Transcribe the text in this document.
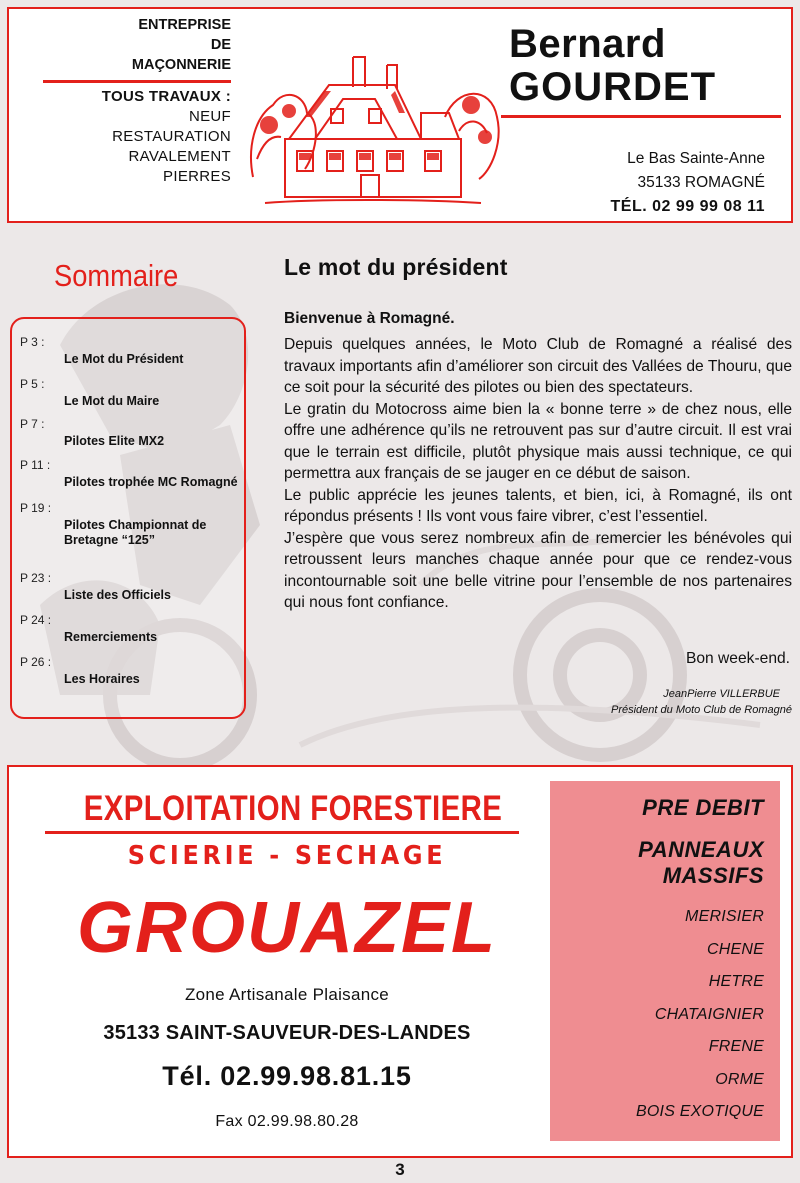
ENTREPRISE
DE
MAÇONNERIE
TOUS TRAVAUX :
NEUF
RESTAURATION
RAVALEMENT
PIERRES
Bernard
GOURDET
Le Bas Sainte-Anne
35133 ROMAGNÉ
TÉL. 02 99 99 08 11
Sommaire
P 3 :
Le Mot du Président
P 5 :
Le Mot du Maire
P 7 :
Pilotes Elite MX2
P 11 :
Pilotes trophée MC Romagné
P 19 :
Pilotes Championnat de Bretagne “125”
P 23 :
Liste des Officiels
P 24 :
Remerciements
P 26 :
Les Horaires
Le mot du président
Bienvenue à Romagné.

Depuis quelques années, le Moto Club de Romagné a réalisé des travaux importants afin d’améliorer son circuit des Vallées de Thouru, que ce soit pour la sécurité des pilotes ou bien des spectateurs.

Le gratin du Motocross aime bien la « bonne terre » de chez nous, elle offre une adhérence qu’ils ne retrouvent pas sur d’autre circuit. Il est vrai que le terrain est difficile, plutôt physique mais aussi technique, ce qui permettra aux français de se jauger en ce début de saison.

Le public apprécie les jeunes talents, et bien, ici, à Romagné, ils ont répondus présents ! Ils vont vous faire vibrer, c’est l’essentiel.

J’espère que vous serez nombreux afin de remercier les bénévoles qui retroussent leurs manches chaque année pour que ce rendez-vous incontournable soit une belle vitrine pour l’ensemble de nos partenaires qui nous font confiance.

Bon week-end.
JeanPierre VILLERBUE
Président du Moto Club de Romagné
EXPLOITATION FORESTIERE
SCIERIE - SECHAGE
GROUAZEL
Zone Artisanale Plaisance
35133 SAINT-SAUVEUR-DES-LANDES
Tél. 02.99.98.81.15
Fax 02.99.98.80.28
PRE DEBIT
PANNEAUX
MASSIFS
MERISIER
CHENE
HETRE
CHATAIGNIER
FRENE
ORME
BOIS EXOTIQUE
3
